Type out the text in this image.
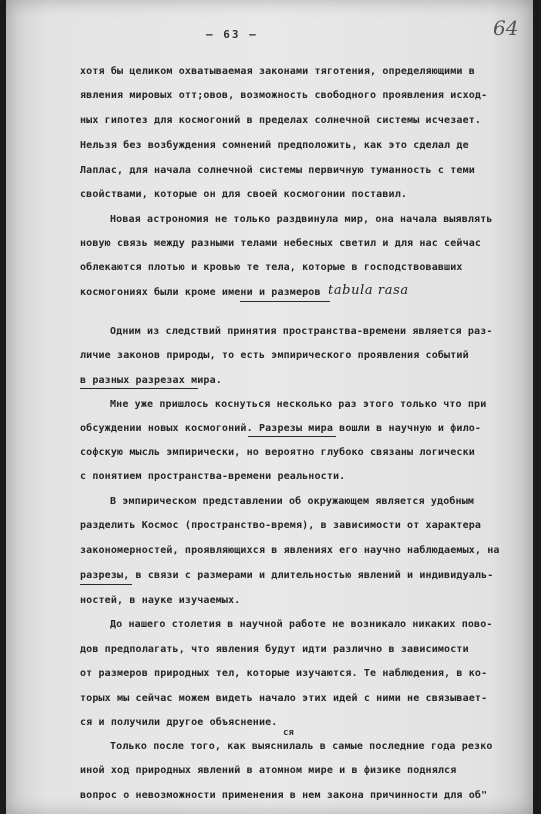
— 63 —	64
хотя бы целиком охватываемая законами тяготения, определяющими в
явления мировых отт;овов, возможность свободного проявления исход-
ных гипотез для космогоний в пределах солнечной системы исчезает.
Нельзя без возбуждения сомнений предположить, как это сделал де
Лаплас, для начала солнечной системы первичную туманность с теми
свойствами, которые он для своей космогонии поставил.
Новая астрономия не только раздвинула мир, она начала выявлять
новую связь между разными телами небесных светил и для нас сейчас
облекаются плотью и кровью те тела, которые в господствовавших
космогониях были кроме имени и размеров tabula rasa
Одним из следствий принятия пространства-времени является раз-
личие законов природы, то есть эмпирического проявления событий
в разных разрезах мира.
Мне уже пришлось коснуться несколько раз этого только что при
обсуждении новых космогоний. Разрезы мира вошли в научную и фило-
софскую мысль эмпирически, но вероятно глубоко связаны логически
с понятием пространства-времени реальности.
В эмпирическом представлении об окружающем является удобным
разделить Космос (пространство-время), в зависимости от характера
закономерностей, проявляющихся в явлениях его научно наблюдаемых, на
разрезы, в связи с размерами и длительностью явлений и индивидуаль-
ностей, в науке изучаемых.
До нашего столетия в научной работе не возникало никаких пово-
дов предполагать, что явления будут идти различно в зависимости
от размеров природных тел, которые изучаются. Те наблюдения, в ко-
торых мы сейчас можем видеть начало этих идей с ними не связывает-
ся и получили другое объяснение.
ся
Только после того, как выяснилаль в самые последние года резко
иной ход природных явлений в атомном мире и в физике поднялся
вопрос о невозможности применения в нем закона причинности для об"
